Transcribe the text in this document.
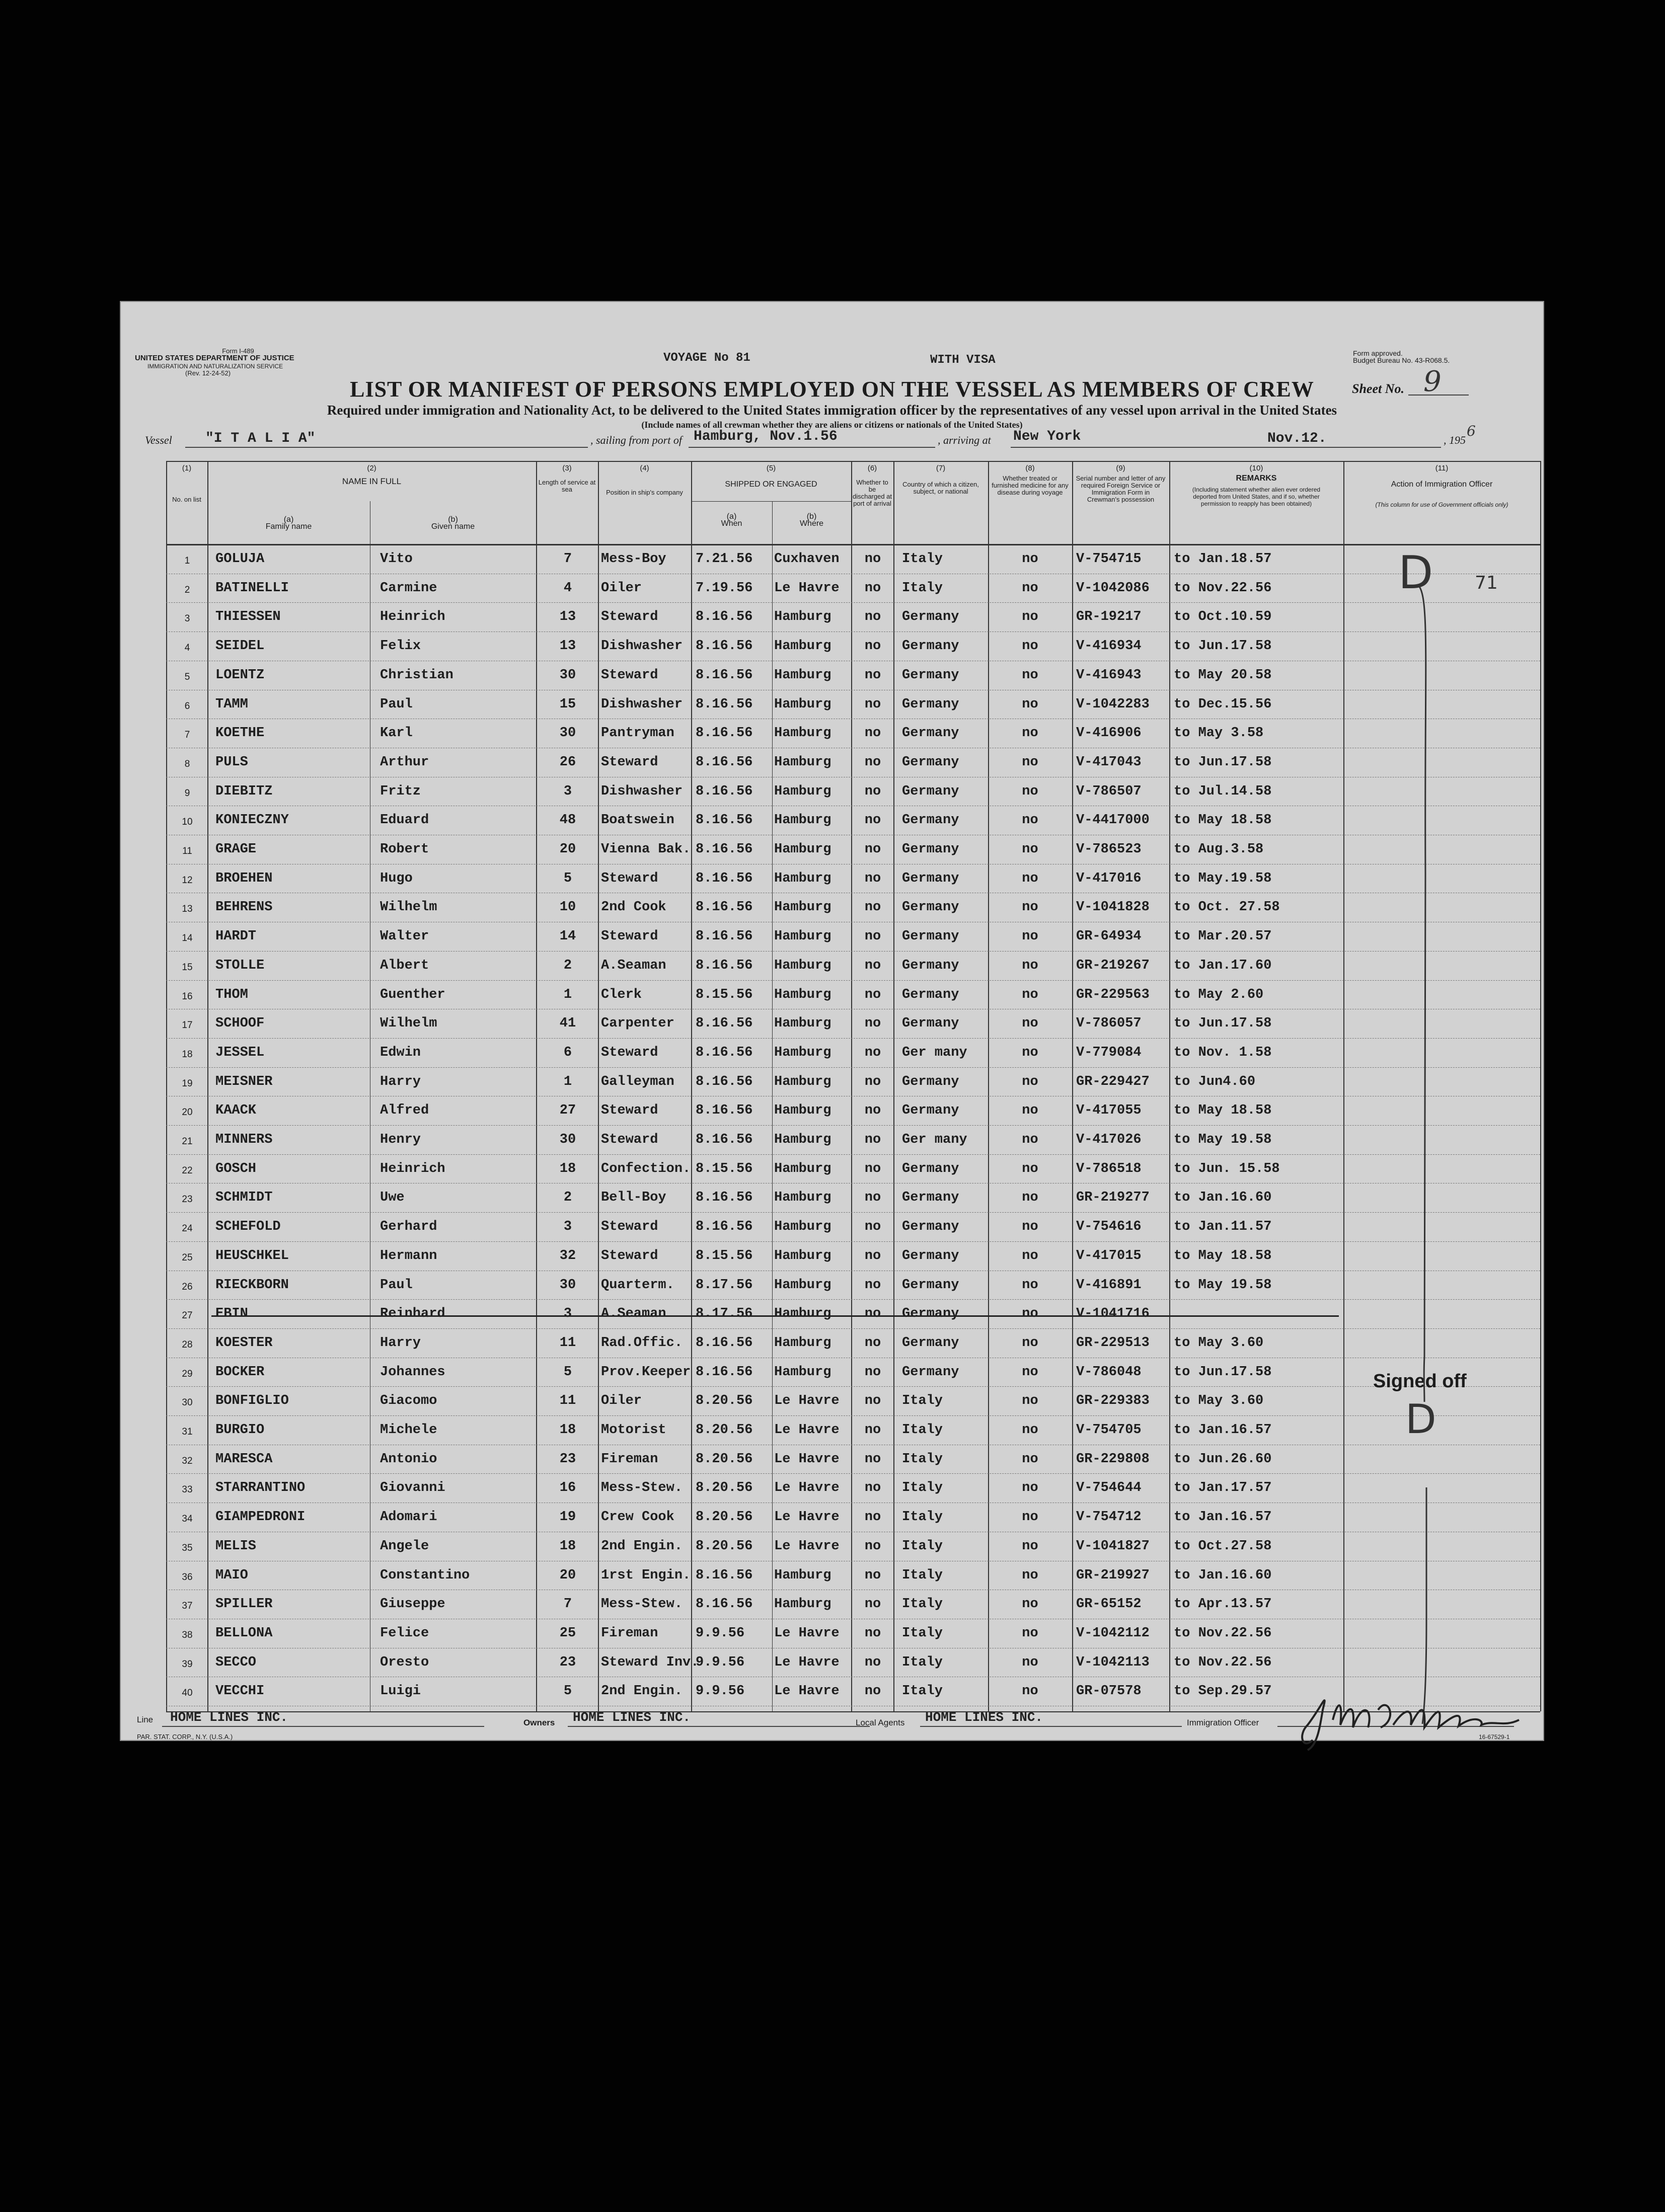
Form I-489
UNITED STATES DEPARTMENT OF JUSTICE
IMMIGRATION AND NATURALIZATION SERVICE
(Rev. 12-24-52)
VOYAGE No 81	WITH VISA	Form approved.
Budget Bureau No. 43-R068.5.
LIST OR MANIFEST OF PERSONS EMPLOYED ON THE VESSEL AS MEMBERS OF CREW	Sheet No. 9
Required under immigration and Nationality Act, to be delivered to the United States immigration officer by the representatives of any vessel upon arrival in the United States
(Include names of all crewman whether they are aliens or citizens or nationals of the United States)
Vessel "I T A L I A"	, sailing from port of Hamburg, Nov.1.56	, arriving at New York	Nov.12.	, 195
6
(1)
No. on list
(2)
NAME IN FULL
(a)
Family name
(b)
Given name
(3)
Length of service at sea
(4)
Position in ship's company
(5)
SHIPPED OR ENGAGED
(a)
When
(b)
Where
(6)
Whether to be discharged at port of arrival
(7)
Country of which a citizen, subject, or national
(8)
Whether treated or furnished medicine for any disease during voyage
(9)
Serial number and letter of any required Foreign Service or Immigration Form in Crewman's possession
(10)
REMARKS
(Including statement whether alien ever ordered deported from United States, and if so, whether permission to reapply has been obtained)
(11)
Action of Immigration Officer
(This column for use of Government officials only)
1	GOLUJA	Vito	7	Mess-Boy 7.21.56 Cuxhaven	no	Italy	no	V-754715 to Jan.18.57
2	BATINELLI	Carmine	4	Oiler	7.19.56 Le Havre	no	Italy	no	V-1042086 to Nov.22.56
3	THIESSEN	Heinrich	13	Steward	8.16.56 Hamburg	no	Germany	no	GR-19217 to Oct.10.59
4	SEIDEL	Felix	13	Dishwasher 8.16.56 Hamburg	no	Germany	no	V-416934 to Jun.17.58
5	LOENTZ	Christian	30	Steward	8.16.56 Hamburg	no	Germany	no	V-416943 to May 20.58
6	TAMM	Paul	15	Dishwasher 8.16.56 Hamburg	no	Germany	no	V-1042283 to Dec.15.56
7	KOETHE	Karl	30	Pantryman 8.16.56 Hamburg	no	Germany	no	V-416906 to May 3.58
8	PULS	Arthur	26	Steward	8.16.56 Hamburg	no	Germany	no	V-417043 to Jun.17.58
9	DIEBITZ	Fritz	3	Dishwasher 8.16.56 Hamburg	no	Germany	no	V-786507 to Jul.14.58
10	KONIECZNY	Eduard	48	Boatswein 8.16.56 Hamburg	no	Germany	no	V-4417000 to May 18.58
11	GRAGE	Robert	20	Vienna Bak. 8.16.56 Hamburg	no	Germany	no	V-786523 to Aug.3.58
12	BROEHEN	Hugo	5	Steward	8.16.56 Hamburg	no	Germany	no	V-417016 to May.19.58
13	BEHRENS	Wilhelm	10	2nd Cook 8.16.56 Hamburg	no	Germany	no	V-1041828 to Oct. 27.58
14	HARDT	Walter	14	Steward	8.16.56 Hamburg	no	Germany	no	GR-64934 to Mar.20.57
15	STOLLE	Albert	2	A.Seaman 8.16.56 Hamburg	no	Germany	no	GR-219267 to Jan.17.60
16	THOM	Guenther	1	Clerk	8.15.56 Hamburg	no	Germany	no	GR-229563 to May 2.60
17	SCHOOF	Wilhelm	41	Carpenter 8.16.56 Hamburg	no	Germany	no	V-786057 to Jun.17.58
18	JESSEL	Edwin	6	Steward	8.16.56 Hamburg	no	Ger many	no	V-779084 to Nov. 1.58
19	MEISNER	Harry	1	Galleyman 8.16.56 Hamburg	no	Germany	no	GR-229427 to Jun4.60
20	KAACK	Alfred	27	Steward	8.16.56 Hamburg	no	Germany	no	V-417055 to May 18.58
21	MINNERS	Henry	30	Steward	8.16.56 Hamburg	no	Ger many	no	V-417026 to May 19.58
22	GOSCH	Heinrich	18	Confection. 8.15.56 Hamburg	no	Germany	no	V-786518 to Jun. 15.58
23	SCHMIDT	Uwe	2	Bell-Boy 8.16.56 Hamburg	no	Germany	no	GR-219277 to Jan.16.60
24	SCHEFOLD	Gerhard	3	Steward	8.16.56 Hamburg	no	Germany	no	V-754616 to Jan.11.57
25	HEUSCHKEL	Hermann	32	Steward	8.15.56 Hamburg	no	Germany	no	V-417015 to May 18.58
26	RIECKBORN	Paul	30	Quarterm. 8.17.56 Hamburg	no	Germany	no	V-416891 to May 19.58
27	EBIN	Reinhard	3	A.Seaman 8.17.56 Hamburg	no	Germany	no	V-1041716
28	KOESTER	Harry	11	Rad.Offic. 8.16.56 Hamburg	no	Germany	no	GR-229513 to May 3.60
29	BOCKER	Johannes	5	Prov.Keeper 8.16.56 Hamburg	no	Germany	no	V-786048 to Jun.17.58
30	BONFIGLIO	Giacomo	11	Oiler	8.20.56 Le Havre	no	Italy	no	GR-229383 to May 3.60
31	BURGIO	Michele	18	Motorist 8.20.56 Le Havre	no	Italy	no	V-754705 to Jan.16.57
32	MARESCA	Antonio	23	Fireman	8.20.56 Le Havre	no	Italy	no	GR-229808 to Jun.26.60
33	STARRANTINO	Giovanni	16	Mess-Stew. 8.20.56 Le Havre	no	Italy	no	V-754644 to Jan.17.57
34	GIAMPEDRONI	Adomari	19	Crew Cook 8.20.56 Le Havre	no	Italy	no	V-754712 to Jan.16.57
35	MELIS	Angele	18	2nd Engin. 8.20.56 Le Havre	no	Italy	no	V-1041827 to Oct.27.58
36	MAIO	Constantino	20	1rst Engin. 8.16.56 Hamburg	no	Italy	no	GR-219927 to Jan.16.60
37	SPILLER	Giuseppe	7	Mess-Stew. 8.16.56 Hamburg	no	Italy	no	GR-65152 to Apr.13.57
38	BELLONA	Felice	25	Fireman	9.9.56 Le Havre	no	Italy	no	V-1042112 to Nov.22.56
39	SECCO	Oresto	23	Steward Inv.
9.9.56 Le Havre	no	Italy	no	V-1042113 to Nov.22.56
40	VECCHI	Luigi	5	2nd Engin. 9.9.56 Le Havre	no	Italy	no	GR-07578 to Sep.29.57
D 71
Signed off
D
Line HOME LINES INC.	Owners HOME LINES INC.	Local Agents HOME LINES INC.	Immigration Officer
PAR. STAT. CORP., N.Y. (U.S.A.)	16-67529-1
